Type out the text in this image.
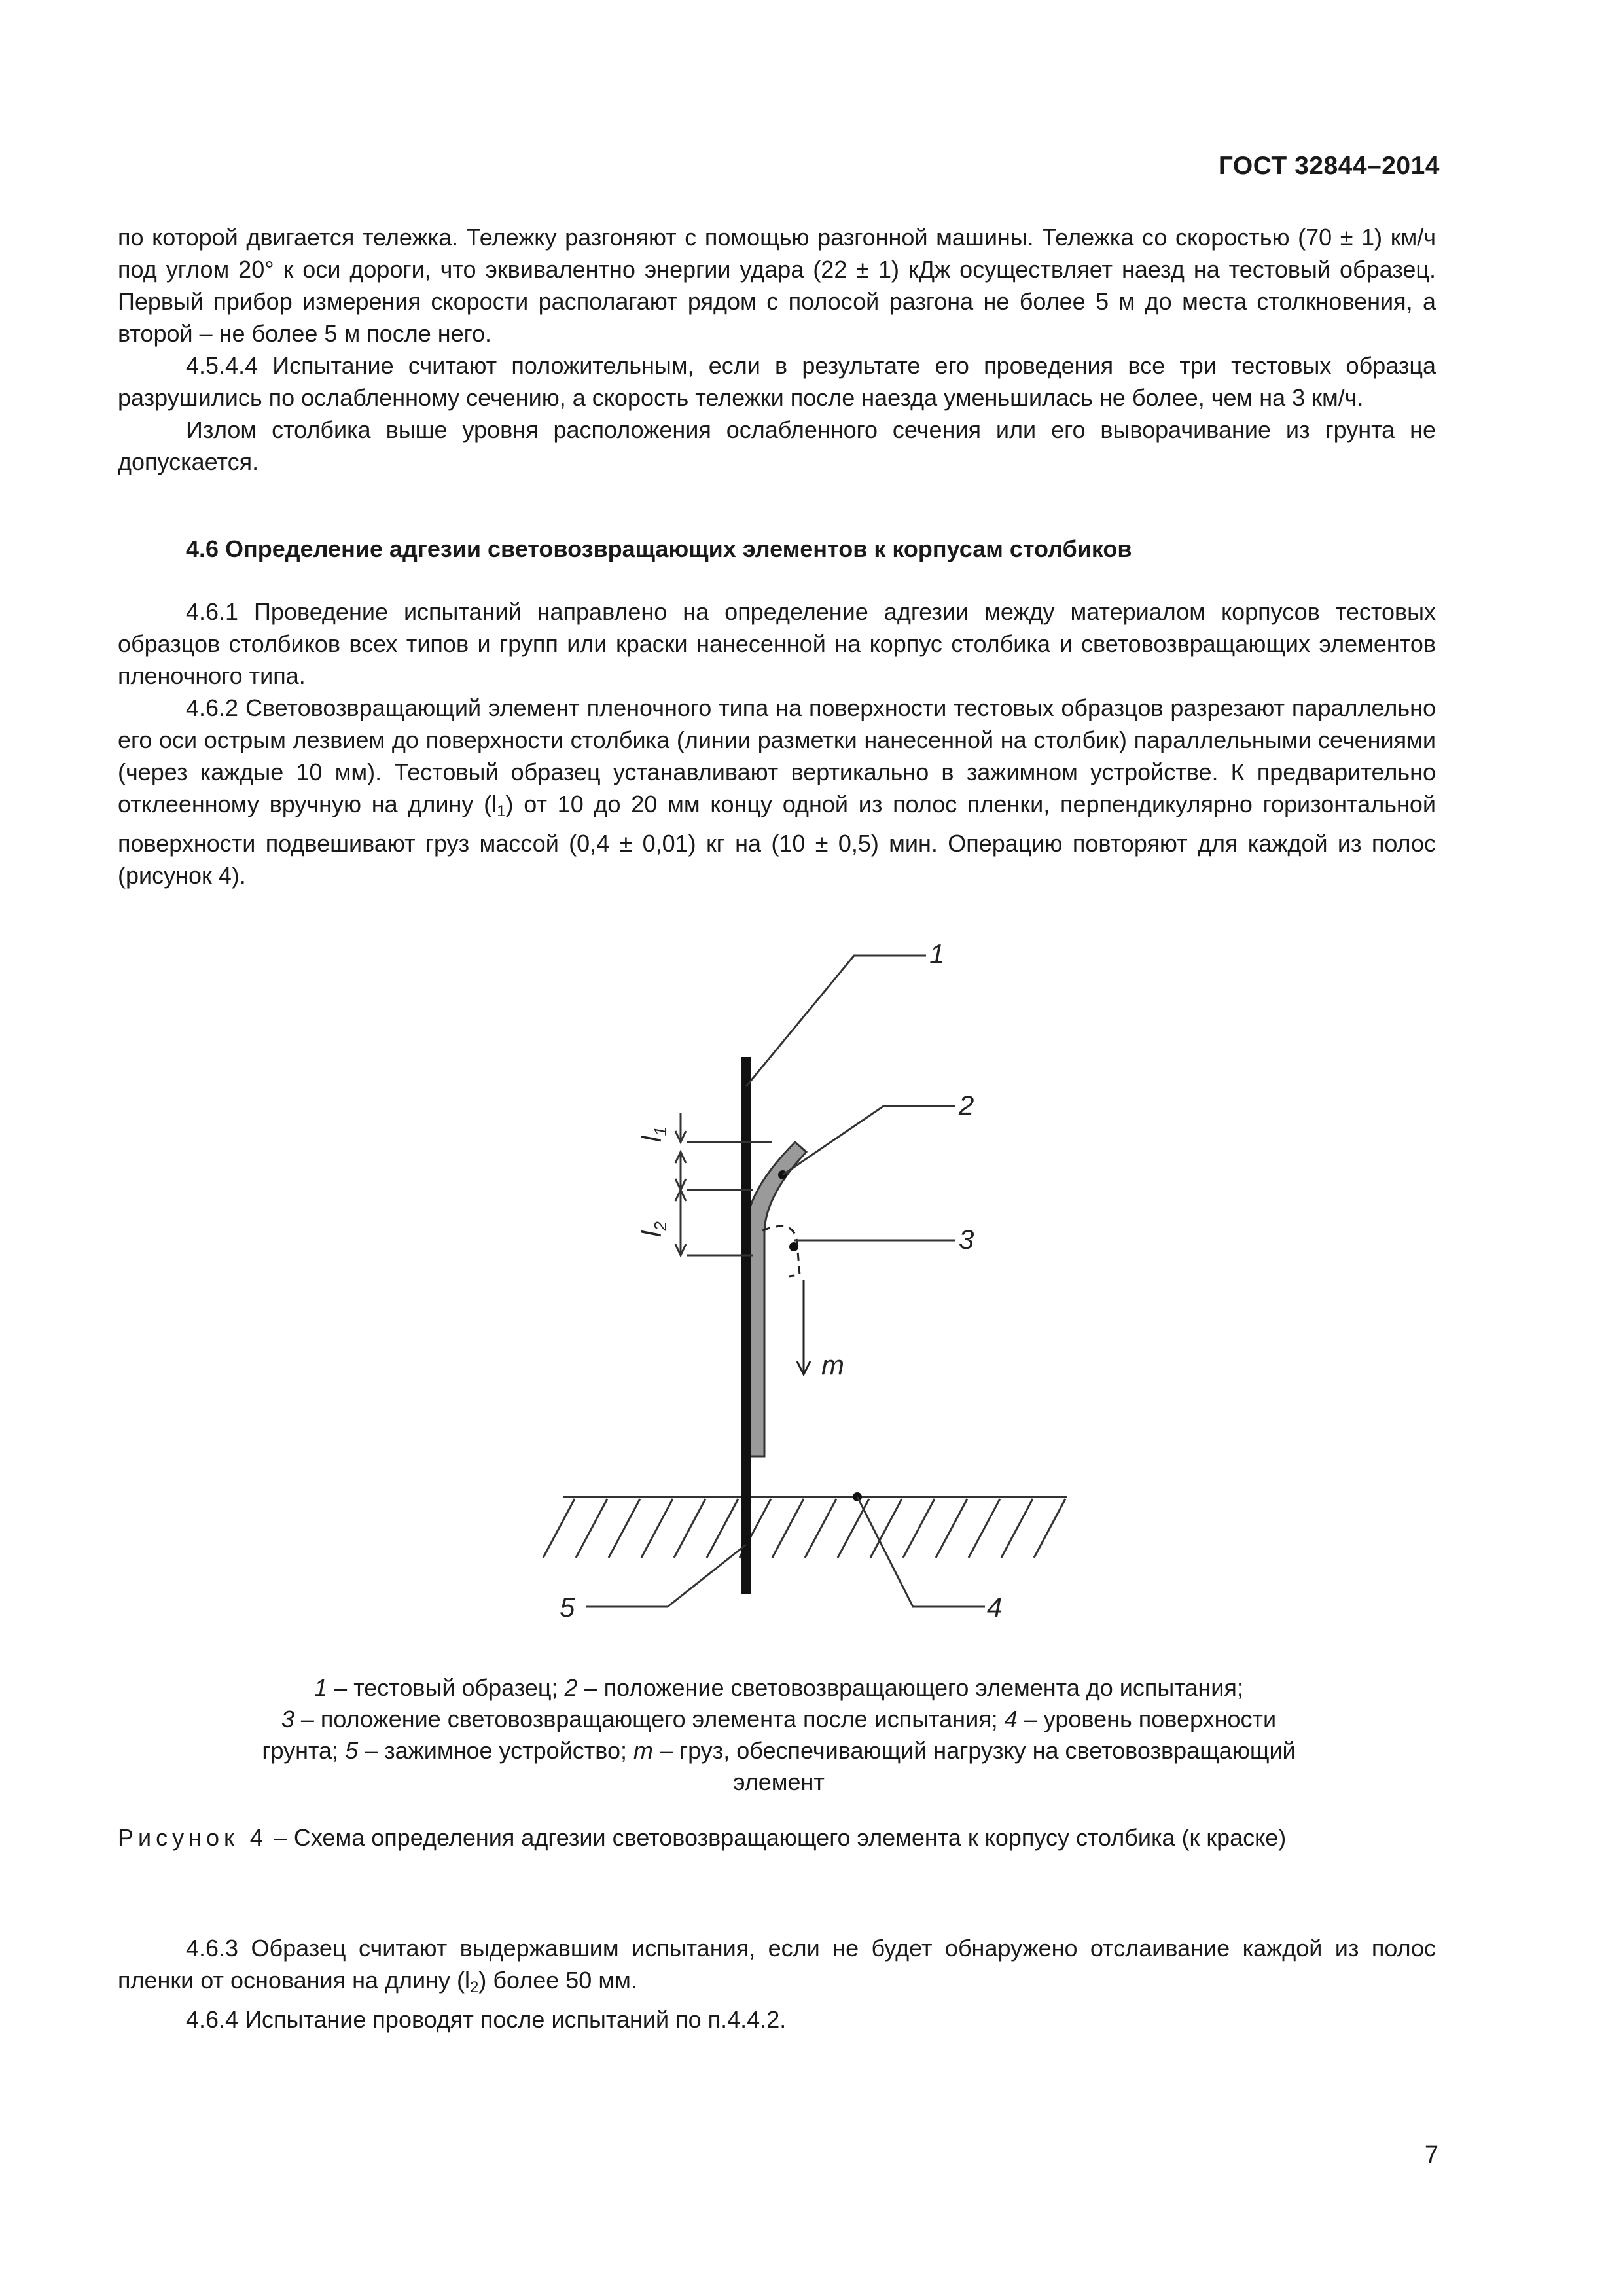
ГОСТ 32844–2014

по которой двигается тележка. Тележку разгоняют с помощью разгонной машины. Тележка со скоростью (70 ± 1) км/ч под углом 20° к оси дороги, что эквивалентно энергии удара (22 ± 1) кДж осуществляет наезд на тестовый образец. Первый прибор измерения скорости располагают рядом с полосой разгона не более 5 м до места столкновения, а второй – не более 5 м после него.

4.5.4.4 Испытание считают положительным, если в результате его проведения все три тестовых образца разрушились по ослабленному сечению, а скорость тележки после наезда уменьшилась не более, чем на 3 км/ч.

Излом столбика выше уровня расположения ослабленного сечения или его выворачивание из грунта не допускается.

4.6 Определение адгезии световозвращающих элементов к корпусам столбиков

4.6.1 Проведение испытаний направлено на определение адгезии между материалом корпусов тестовых образцов столбиков всех типов и групп или краски нанесенной на корпус столбика и световозвращающих элементов пленочного типа.

4.6.2 Световозвращающий элемент пленочного типа на поверхности тестовых образцов разрезают параллельно его оси острым лезвием до поверхности столбика (линии разметки нанесенной на столбик) параллельными сечениями (через каждые 10 мм). Тестовый образец устанавливают вертикально в зажимном устройстве. К предварительно отклеенному вручную на длину $(l_1)$ от 10 до 20 мм концу одной из полос пленки, перпендикулярно горизонтальной поверхности подвешивают груз массой (0,4 ± 0,01) кг на (10 ± 0,5) мин. Операцию повторяют для каждой из полос (рисунок 4).

1
2
3
4
5
m
l1
l2
1 – тестовый образец; 2 – положение световозвращающего элемента до испытания;
3 – положение световозвращающего элемента после испытания; 4 – уровень поверхности
грунта; 5 – зажимное устройство; m – груз, обеспечивающий нагрузку на световозвращающий
элемент
Рисунок 4 – Схема определения адгезии световозвращающего элемента к корпусу столбика (к краске)

4.6.3 Образец считают выдержавшим испытания, если не будет обнаружено отслаивание каждой из полос пленки от основания на длину $(l_2)$ более 50 мм.

4.6.4 Испытание проводят после испытаний по п.4.4.2.

7
